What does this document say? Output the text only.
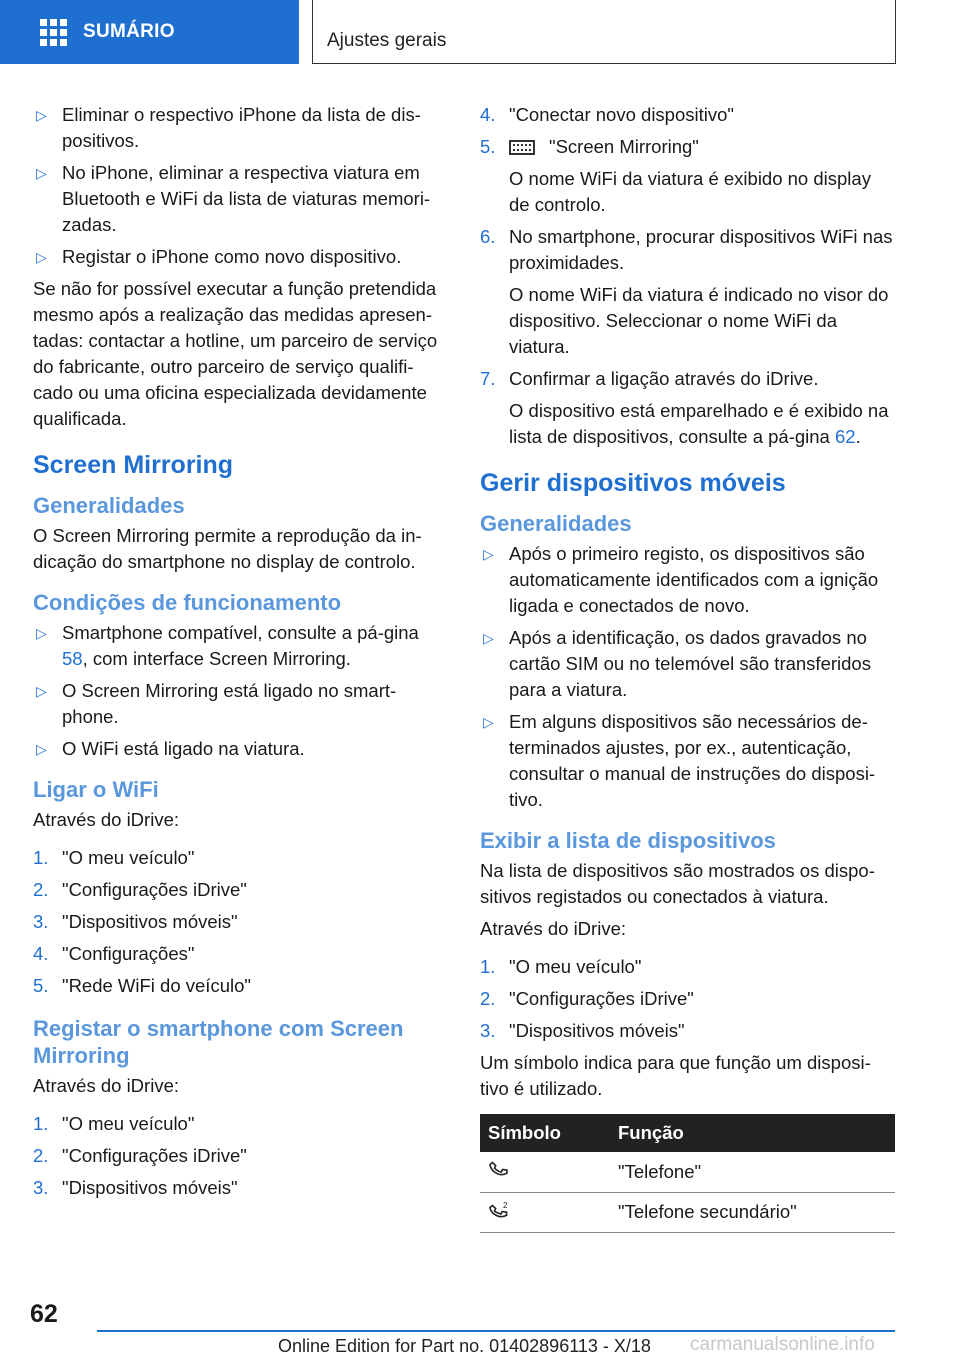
SUMÁRIO	Ajustes gerais
▷ Eliminar o respectivo iPhone da lista de dis-positivos.
▷ No iPhone, eliminar a respectiva viatura em Bluetooth e WiFi da lista de viaturas memori-zadas.
▷ Registar o iPhone como novo dispositivo.
Se não for possível executar a função pretendida mesmo após a realização das medidas apresen-tadas: contactar a hotline, um parceiro de serviço do fabricante, outro parceiro de serviço qualifi-cado ou uma oficina especializada devidamente qualificada.
Screen Mirroring
Generalidades
O Screen Mirroring permite a reprodução da in-dicação do smartphone no display de controlo.
Condições de funcionamento
▷ Smartphone compatível, consulte a pá-gina 58, com interface Screen Mirroring.
▷ O Screen Mirroring está ligado no smart-phone.
▷ O WiFi está ligado na viatura.
Ligar o WiFi
Através do iDrive:
1. "O meu veículo"
2. "Configurações iDrive"
3. "Dispositivos móveis"
4. "Configurações"
5. "Rede WiFi do veículo"
Registar o smartphone com Screen Mirroring
Através do iDrive:
1. "O meu veículo"
2. "Configurações iDrive"
3. "Dispositivos móveis"
4. "Conectar novo dispositivo"
5.	"Screen Mirroring"
O nome WiFi da viatura é exibido no display de controlo.
6. No smartphone, procurar dispositivos WiFi nas proximidades.
O nome WiFi da viatura é indicado no visor do dispositivo. Seleccionar o nome WiFi da viatura.
7. Confirmar a ligação através do iDrive.
O dispositivo está emparelhado e é exibido na lista de dispositivos, consulte a pá-gina 62.
Gerir dispositivos móveis
Generalidades
▷ Após o primeiro registo, os dispositivos são automaticamente identificados com a ignição ligada e conectados de novo.
▷ Após a identificação, os dados gravados no cartão SIM ou no telemóvel são transferidos para a viatura.
▷ Em alguns dispositivos são necessários de-terminados ajustes, por ex., autenticação, consultar o manual de instruções do disposi-tivo.
Exibir a lista de dispositivos
Na lista de dispositivos são mostrados os dispo-sitivos registados ou conectados à viatura.
Através do iDrive:
1. "O meu veículo"
2. "Configurações iDrive"
3. "Dispositivos móveis"
Um símbolo indica para que função um disposi-tivo é utilizado.
Símbolo	Função
	"Telefone"

2	"Telefone secundário"
62
Online Edition for Part no. 01402896113 - X/18 carmanualsonline.info
